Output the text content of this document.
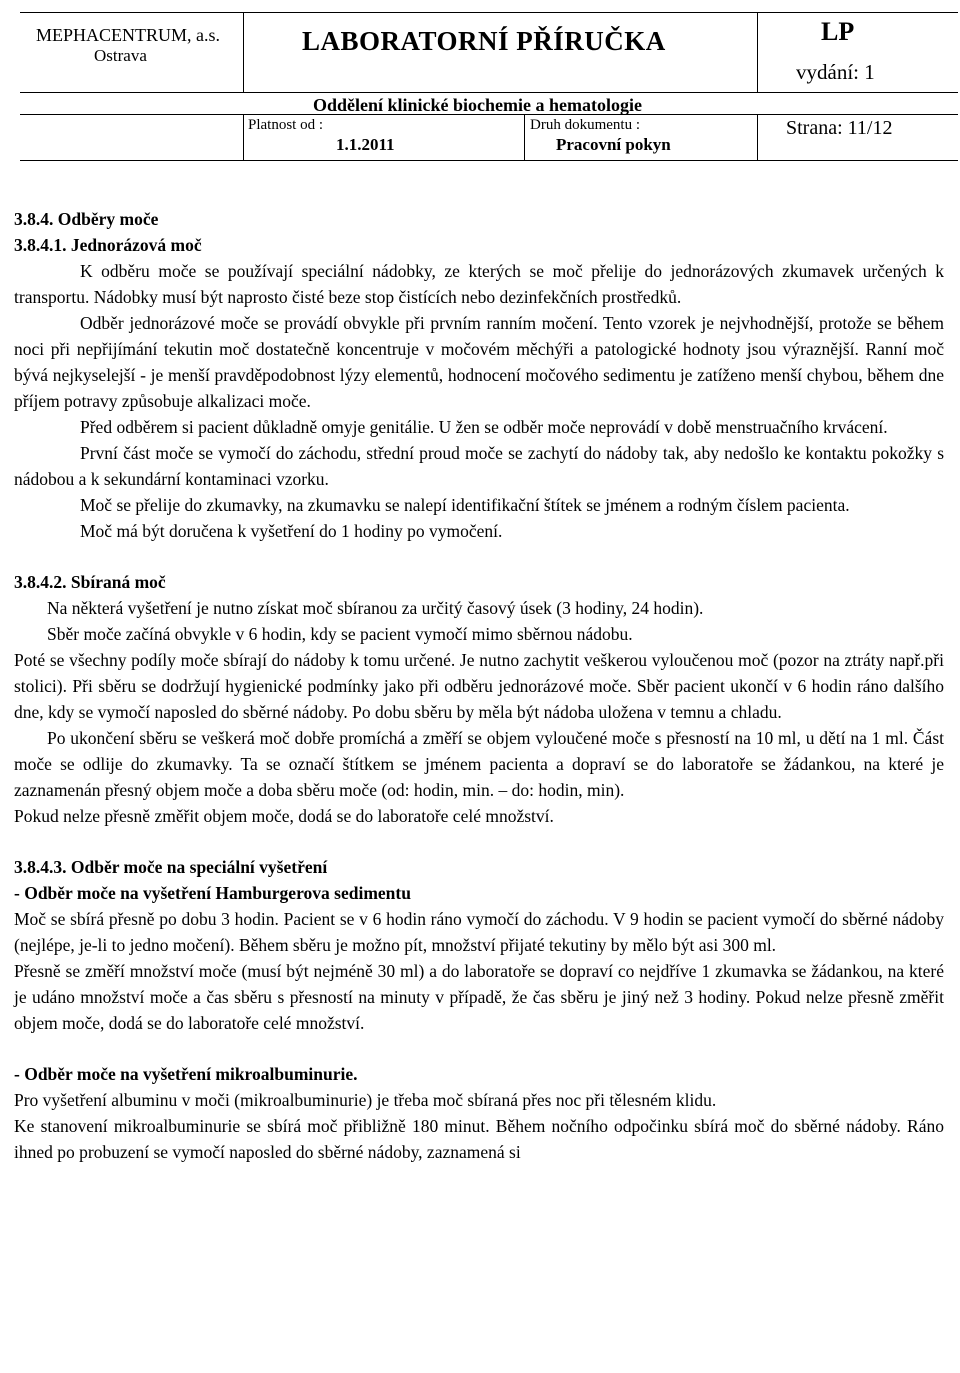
MEPHACENTRUM, a.s.
Ostrava	LABORATORNÍ PŘÍRUČKA	LP
vydání: 1
Oddělení klinické biochemie a hematologie
Platnost od :
1.1.2011
Druh dokumentu :
Pracovní pokyn
Strana: 11/12

3.8.4. Odběry moče

3.8.4.1. Jednorázová moč

K odběru moče se používají speciální nádobky, ze kterých se moč přelije do jednorázových zkumavek určených k transportu. Nádobky musí být naprosto čisté beze stop čistících nebo dezinfekčních prostředků.

Odběr jednorázové moče se provádí obvykle při prvním ranním močení. Tento vzorek je nejvhodnější, protože se během noci při nepřijímání tekutin moč dostatečně koncentruje v močovém měchýři a patologické hodnoty jsou výraznější. Ranní moč bývá nejkyselejší - je menší pravděpodobnost lýzy elementů, hodnocení močového sedimentu je zatíženo menší chybou, během dne příjem potravy způsobuje alkalizaci moče.

Před odběrem si pacient důkladně omyje genitálie. U žen se odběr moče neprovádí v době menstruačního krvácení.

První část moče se vymočí do záchodu, střední proud moče se zachytí do nádoby tak, aby nedošlo ke kontaktu pokožky s nádobou a k sekundární kontaminaci vzorku.

Moč se přelije do zkumavky, na zkumavku se nalepí identifikační štítek se jménem a rodným číslem pacienta.

Moč má být doručena k vyšetření do 1 hodiny po vymočení.

3.8.4.2. Sbíraná moč

Na některá vyšetření je nutno získat moč sbíranou za určitý časový úsek (3 hodiny, 24 hodin).

Sběr moče začíná obvykle v 6 hodin, kdy se pacient vymočí mimo sběrnou nádobu.

Poté se všechny podíly moče sbírají do nádoby k tomu určené. Je nutno zachytit veškerou vyloučenou moč (pozor na ztráty např.při stolici). Při sběru se dodržují hygienické podmínky jako při odběru jednorázové moče. Sběr pacient ukončí v 6 hodin ráno dalšího dne, kdy se vymočí naposled do sběrné nádoby. Po dobu sběru by měla být nádoba uložena v temnu a chladu.

Po ukončení sběru se veškerá moč dobře promíchá a změří se objem vyloučené moče s přesností na 10 ml, u dětí na 1 ml. Část moče se odlije do zkumavky. Ta se označí štítkem se jménem pacienta a dopraví se do laboratoře se žádankou, na které je zaznamenán přesný objem moče a doba sběru moče (od: hodin, min. – do: hodin, min).

Pokud nelze přesně změřit objem moče, dodá se do laboratoře celé množství.

3.8.4.3. Odběr moče na speciální vyšetření

- Odběr moče na vyšetření Hamburgerova sedimentu

Moč se sbírá přesně po dobu 3 hodin. Pacient se v 6 hodin ráno vymočí do záchodu. V 9 hodin se pacient vymočí do sběrné nádoby (nejlépe, je-li to jedno močení). Během sběru je možno pít, množství přijaté tekutiny by mělo být asi 300 ml.

Přesně se změří množství moče (musí být nejméně 30 ml) a do laboratoře se dopraví co nejdříve 1 zkumavka se žádankou, na které je udáno množství moče a čas sběru s přesností na minuty v případě, že čas sběru je jiný než 3 hodiny. Pokud nelze přesně změřit objem moče, dodá se do laboratoře celé množství.

- Odběr moče na vyšetření mikroalbuminurie.

Pro vyšetření albuminu v moči (mikroalbuminurie) je třeba moč sbíraná přes noc při tělesném klidu.

Ke stanovení mikroalbuminurie se sbírá moč přibližně 180 minut. Během nočního odpočinku sbírá moč do sběrné nádoby. Ráno ihned po probuzení se vymočí naposled do sběrné nádoby, zaznamená si
